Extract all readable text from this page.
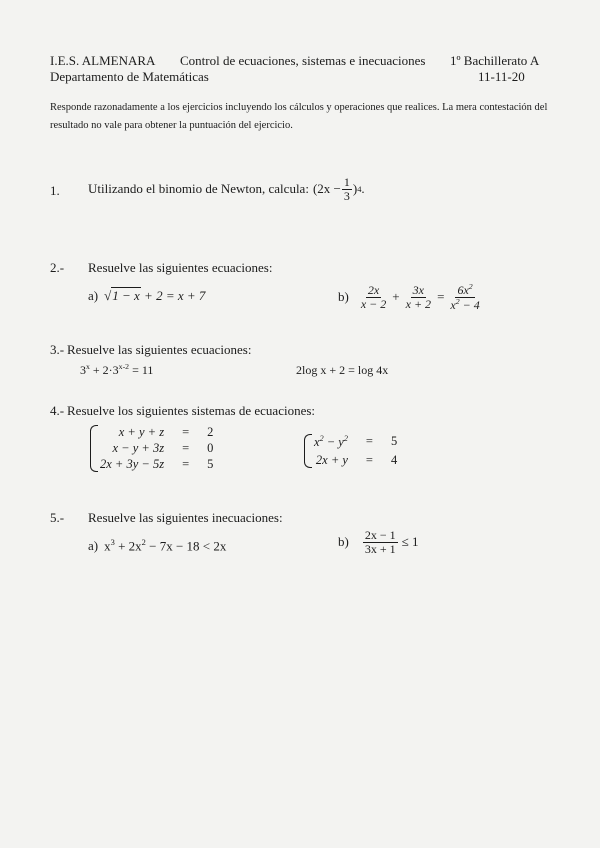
I.E.S. ALMENARA
Departamento de Matemáticas
Control de ecuaciones, sistemas e inecuaciones 1º Bachillerato A
11-11-20
Responde razonadamente a los ejercicios incluyendo los cálculos y operaciones que realices. La mera contestación del
resultado no vale para obtener la puntuación del ejercicio.
1. Utilizando el binomio de Newton, calcula: ($2x - \frac{1}{3}$ ) 4 .
2.- Resuelve las siguientes ecuaciones:
a) √1 − x + 2 = x + 7	$b) \frac{2x}{x - 2} + \frac{3x}{x + 2} = \frac{6x^2}{x^2 - 4}$
3.- Resuelve las siguientes ecuaciones:
$3^x + 2\cdot 3^{x-2} = 11$	2log x + 2 = log 4x
4.- Resuelve los siguientes sistemas de ecuaciones:
x + y + z = 2
x − y + 3z = 0
2x + 3y − 5z = 5
$x^2 - y^2 = 5$
2x + y = 4
5.- Resuelve las siguientes inecuaciones:
a) $x^3 + 2x^2 - 7x - 18 < 2x$	$b) \frac{2x - 1}{3x + 1} \le 1$
